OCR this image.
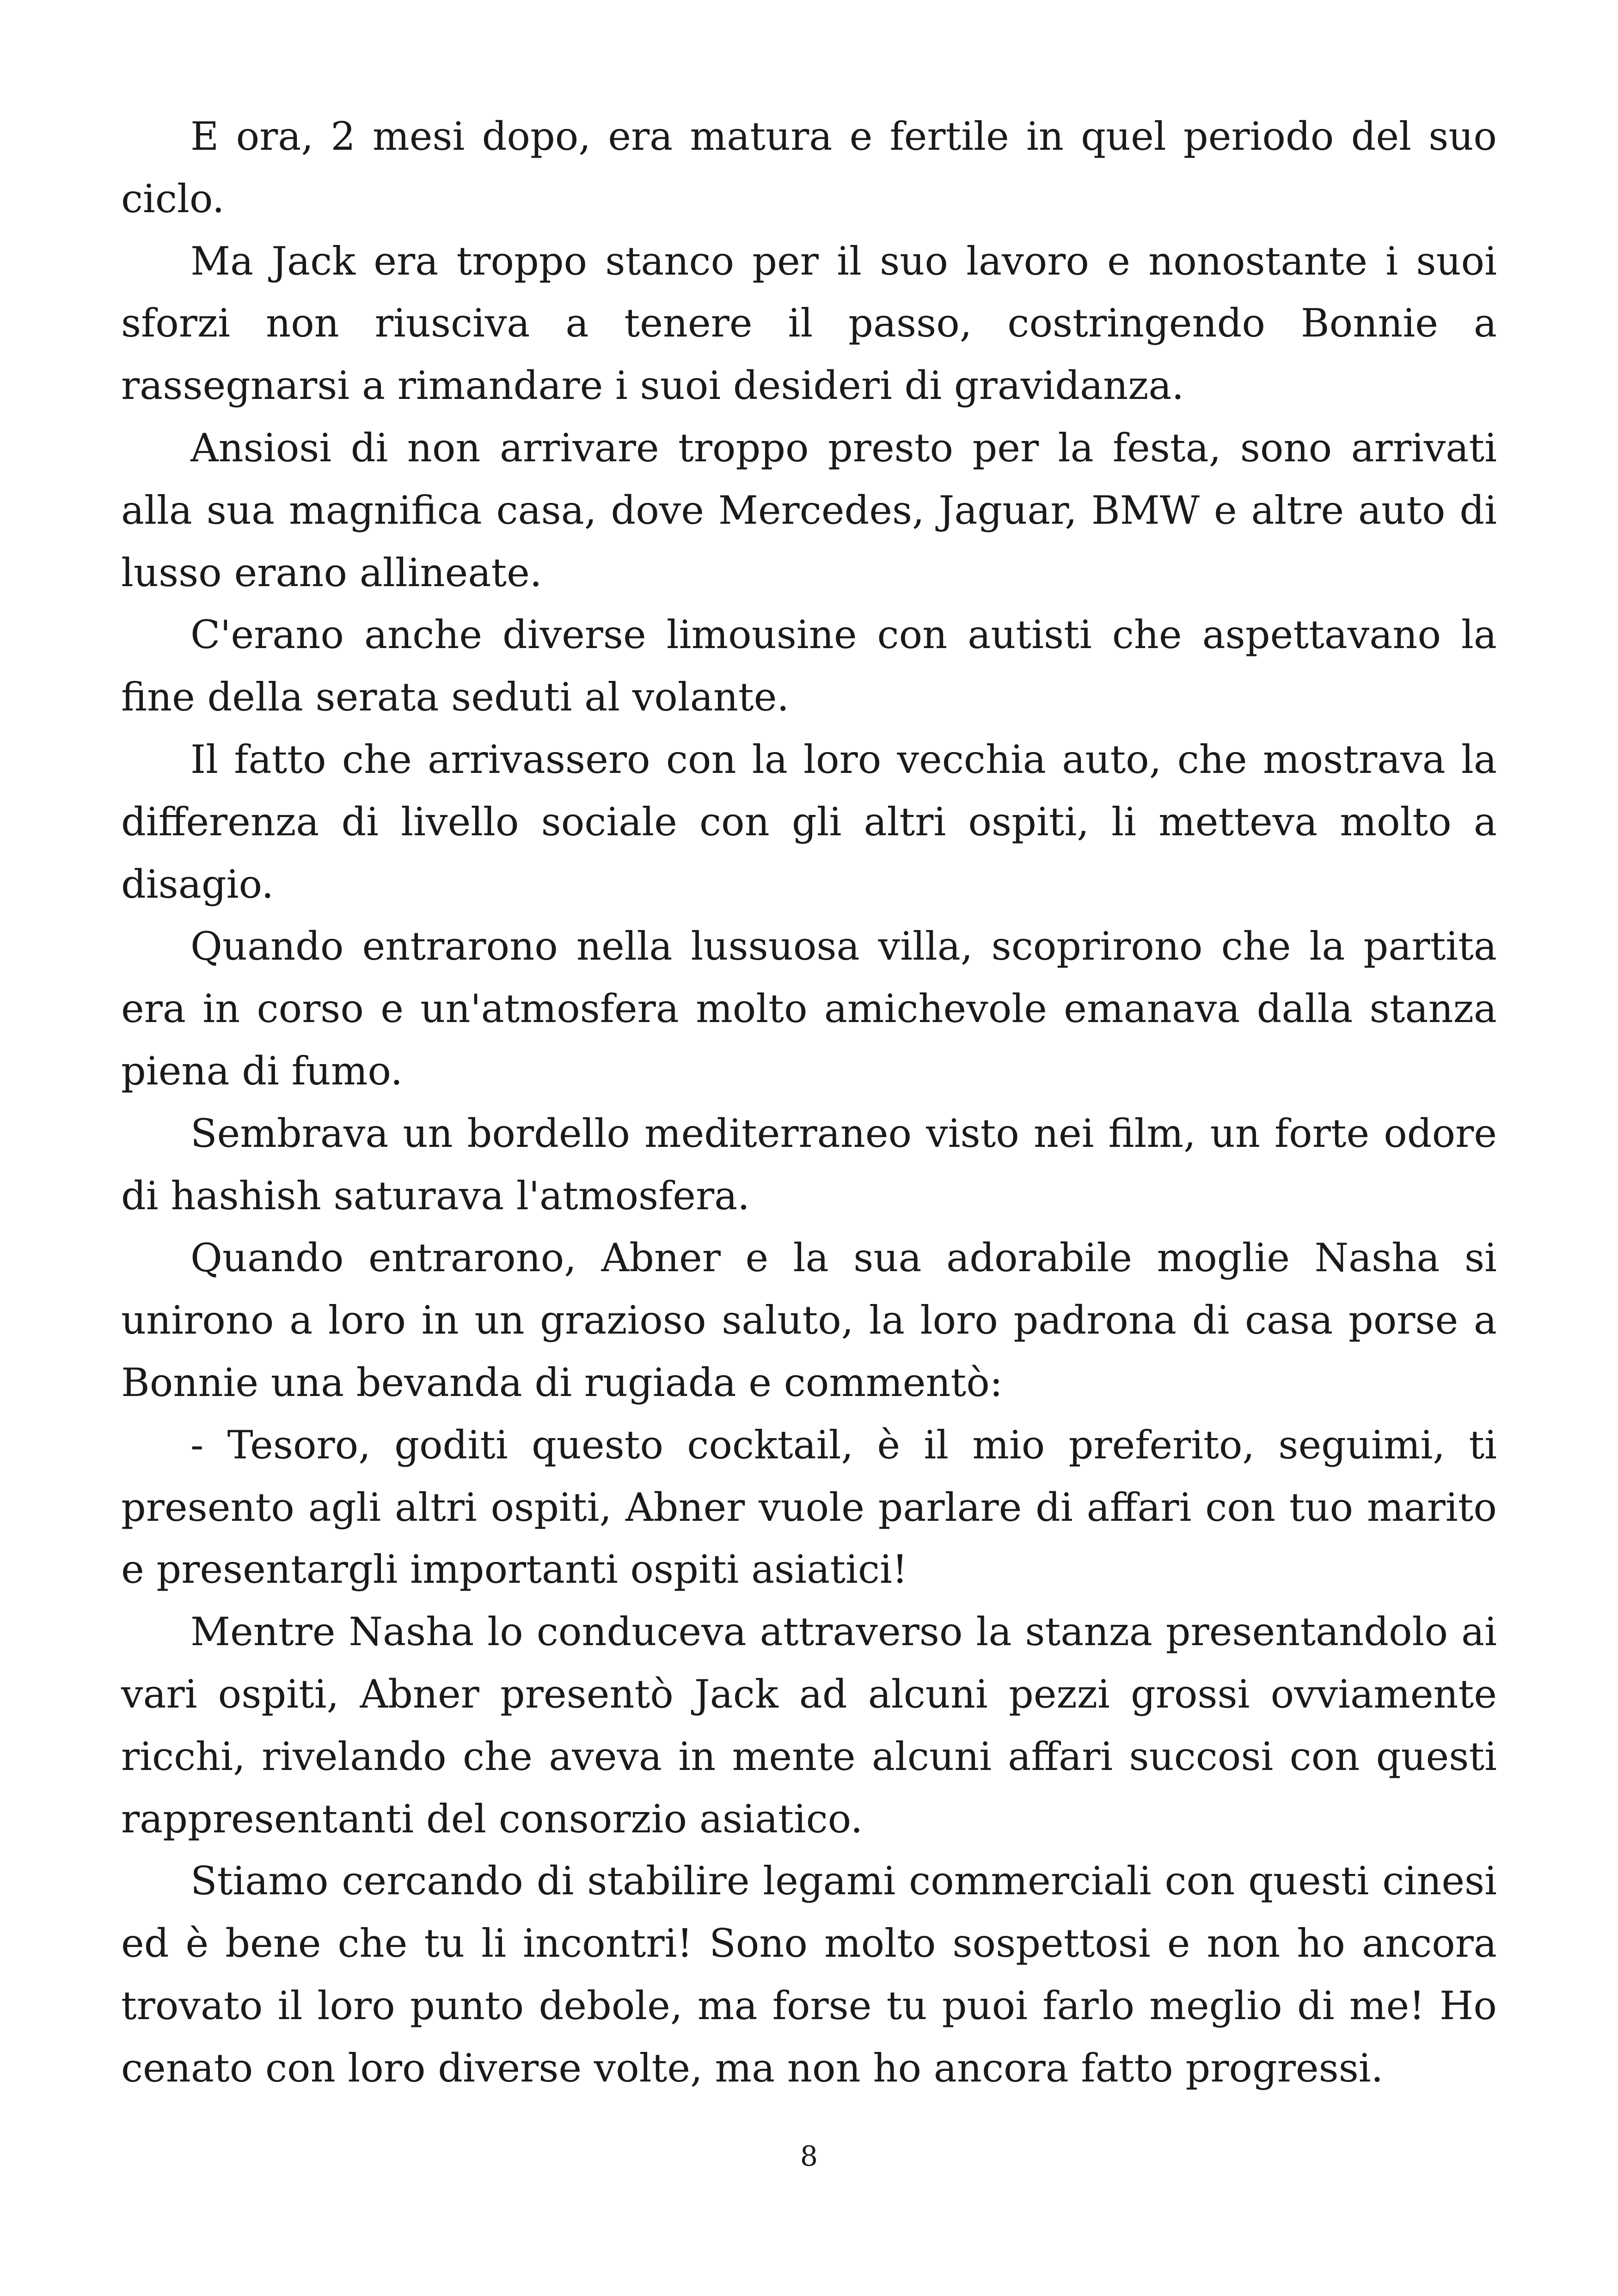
E ora, 2 mesi dopo, era matura e fertile in quel periodo del suo ciclo.

Ma Jack era troppo stanco per il suo lavoro e nonostante i suoi sforzi non riusciva a tenere il passo, costringendo Bonnie a rassegnarsi a rimandare i suoi desideri di gravidanza.

Ansiosi di non arrivare troppo presto per la festa, sono arrivati alla sua magnifica casa, dove Mercedes, Jaguar, BMW e altre auto di lusso erano allineate.

C'erano anche diverse limousine con autisti che aspettavano la fine della serata seduti al volante.

Il fatto che arrivassero con la loro vecchia auto, che mostrava la differenza di livello sociale con gli altri ospiti, li metteva molto a disagio.

Quando entrarono nella lussuosa villa, scoprirono che la partita era in corso e un'atmosfera molto amichevole emanava dalla stanza piena di fumo.

Sembrava un bordello mediterraneo visto nei film, un forte odore di hashish saturava l'atmosfera.

Quando entrarono, Abner e la sua adorabile moglie Nasha si unirono a loro in un grazioso saluto, la loro padrona di casa porse a Bonnie una bevanda di rugiada e commentò:

- Tesoro, goditi questo cocktail, è il mio preferito, seguimi, ti presento agli altri ospiti, Abner vuole parlare di affari con tuo marito e presentargli importanti ospiti asiatici!

Mentre Nasha lo conduceva attraverso la stanza presentandolo ai vari ospiti, Abner presentò Jack ad alcuni pezzi grossi ovviamente ricchi, rivelando che aveva in mente alcuni affari succosi con questi rappresentanti del consorzio asiatico.

Stiamo cercando di stabilire legami commerciali con questi cinesi ed è bene che tu li incontri! Sono molto sospettosi e non ho ancora trovato il loro punto debole, ma forse tu puoi farlo meglio di me! Ho cenato con loro diverse volte, ma non ho ancora fatto progressi.

8
